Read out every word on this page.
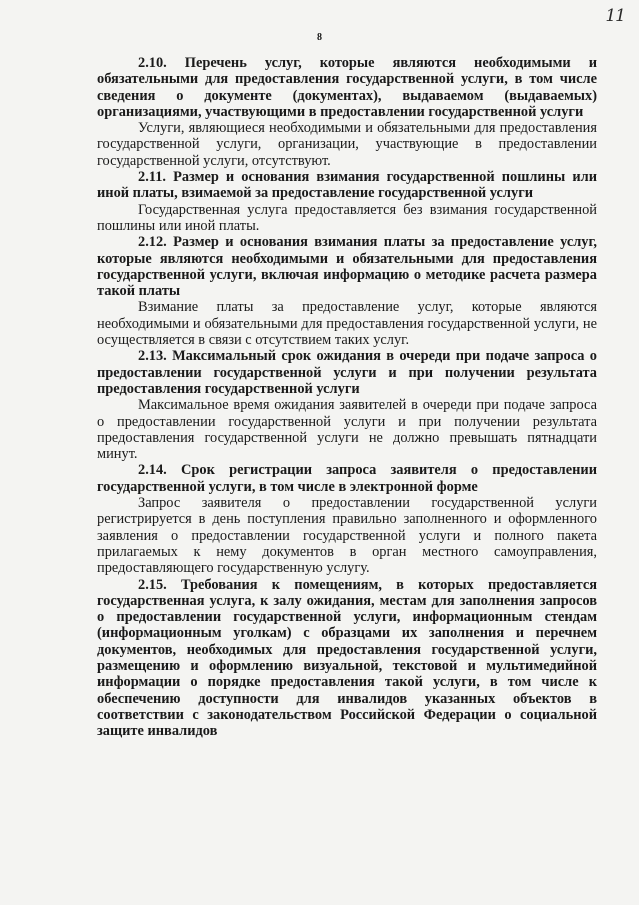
11
8

2.10. Перечень услуг, которые являются необходимыми и обязательными для предоставления государственной услуги, в том числе сведения о документе (документах), выдаваемом (выдаваемых) организациями, участвующими в предоставлении государственной услуги

Услуги, являющиеся необходимыми и обязательными для предоставления государственной услуги, организации, участвующие в предоставлении государственной услуги, отсутствуют.

2.11. Размер и основания взимания государственной пошлины или иной платы, взимаемой за предоставление государственной услуги

Государственная услуга предоставляется без взимания государственной пошлины или иной платы.

2.12. Размер и основания взимания платы за предоставление услуг, которые являются необходимыми и обязательными для предоставления государственной услуги, включая информацию о методике расчета размера такой платы

Взимание платы за предоставление услуг, которые являются необходимыми и обязательными для предоставления государственной услуги, не осуществляется в связи с отсутствием таких услуг.

2.13. Максимальный срок ожидания в очереди при подаче запроса о предоставлении государственной услуги и при получении результата предоставления государственной услуги

Максимальное время ожидания заявителей в очереди при подаче запроса о предоставлении государственной услуги и при получении результата предоставления государственной услуги не должно превышать пятнадцати минут.

2.14. Срок регистрации запроса заявителя о предоставлении государственной услуги, в том числе в электронной форме

Запрос заявителя о предоставлении государственной услуги регистрируется в день поступления правильно заполненного и оформленного заявления о предоставлении государственной услуги и полного пакета прилагаемых к нему документов в орган местного самоуправления, предоставляющего государственную услугу.

2.15. Требования к помещениям, в которых предоставляется государственная услуга, к залу ожидания, местам для заполнения запросов о предоставлении государственной услуги, информационным стендам (информационным уголкам) с образцами их заполнения и перечнем документов, необходимых для предоставления государственной услуги, размещению и оформлению визуальной, текстовой и мультимедийной информации о порядке предоставления такой услуги, в том числе к обеспечению доступности для инвалидов указанных объектов в соответствии с законодательством Российской Федерации о социальной защите инвалидов
